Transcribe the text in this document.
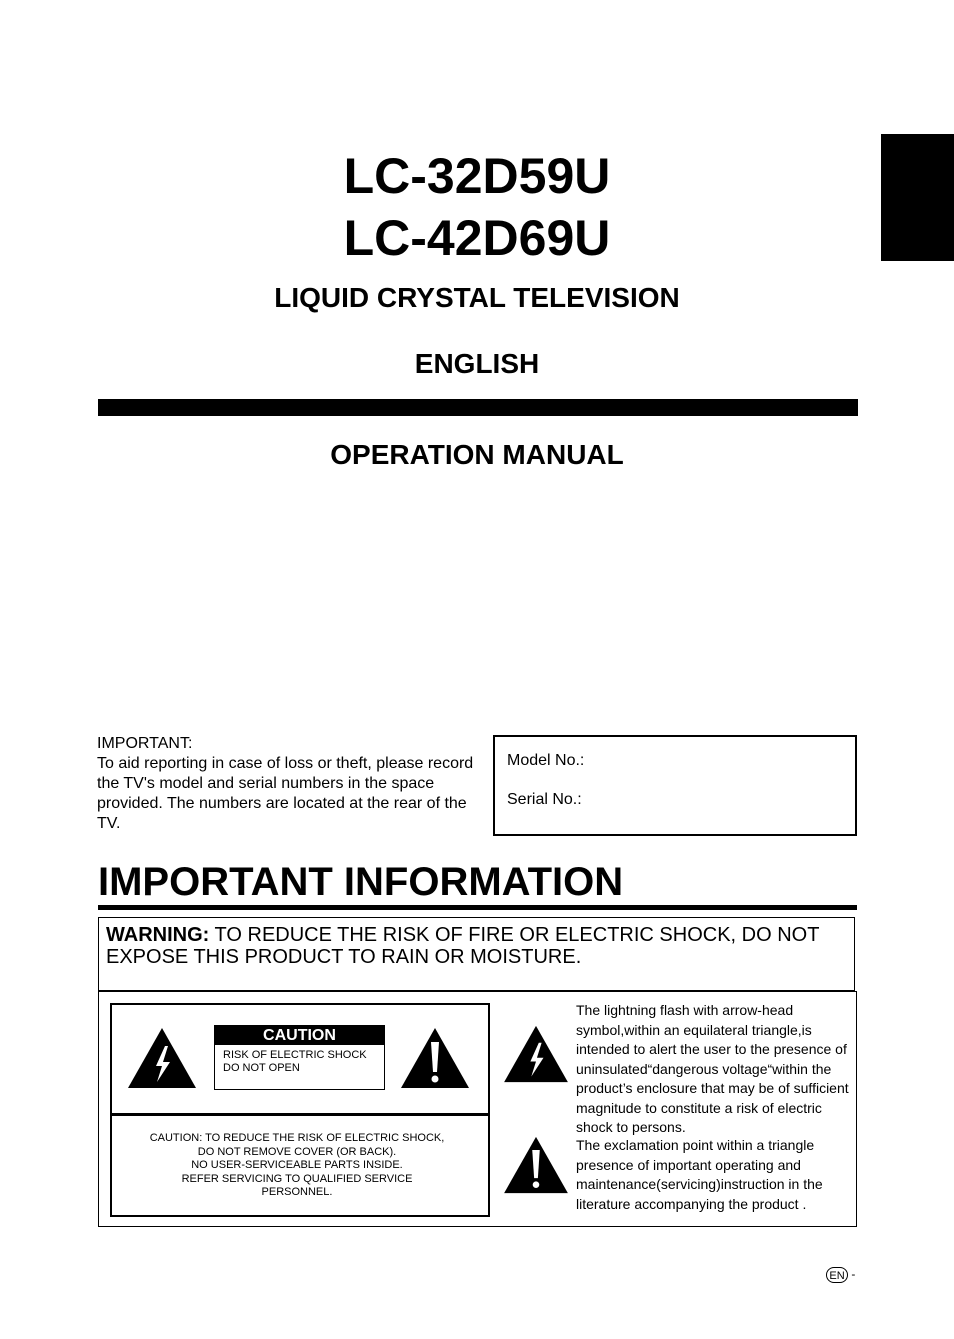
LC-32D59U
LC-42D69U
LIQUID CRYSTAL TELEVISION
ENGLISH
OPERATION MANUAL
IMPORTANT:
To aid reporting in case of loss or theft, please record the TV's model and serial numbers in the space provided. The numbers are located at the rear of the TV.
Model No.:
Serial No.:
IMPORTANT INFORMATION
WARNING: TO REDUCE THE RISK OF FIRE OR ELECTRIC SHOCK, DO NOT EXPOSE THIS PRODUCT TO RAIN OR MOISTURE.
CAUTION
RISK OF ELECTRIC SHOCK
DO NOT OPEN
CAUTION: TO REDUCE THE RISK OF ELECTRIC SHOCK,
DO NOT REMOVE COVER (OR BACK).
NO USER-SERVICEABLE PARTS INSIDE.
REFER SERVICING TO QUALIFIED SERVICE
PERSONNEL.
The lightning flash with arrow-head symbol,within an equilateral triangle,is intended to alert the user to the presence of uninsulated“dangerous voltage“within the product’s enclosure that may be of sufficient magnitude to constitute a risk of electric shock to persons.
The exclamation point within a triangle presence of important operating and maintenance(servicing)instruction in the literature accompanying the product .
EN -
